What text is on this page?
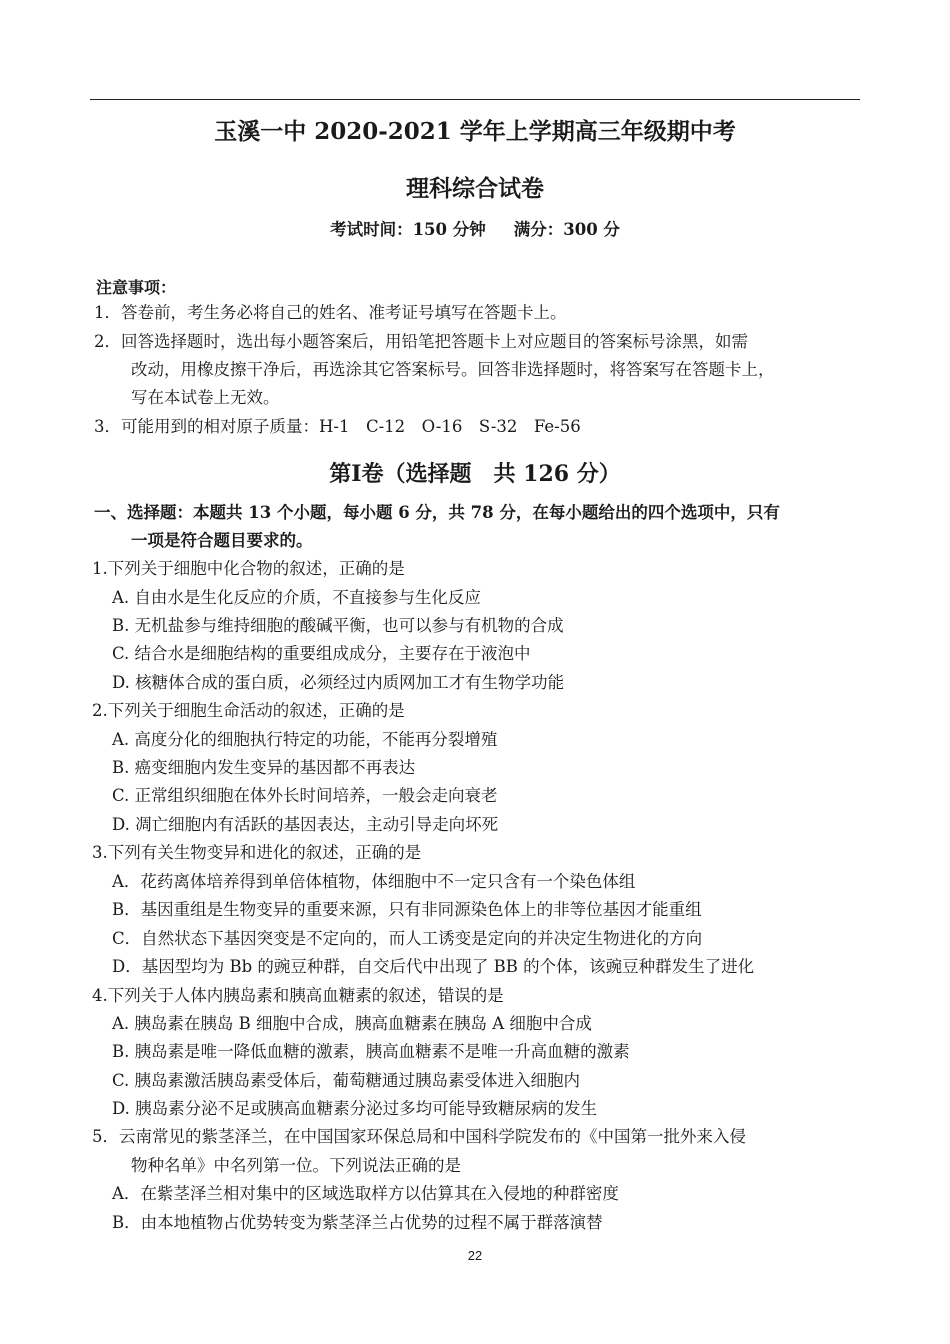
玉溪一中 2020-2021 学年上学期高三年级期中考
理科综合试卷
考试时间：150 分钟 满分：300 分
注意事项：
1．答卷前，考生务必将自己的姓名、准考证号填写在答题卡上。
2．回答选择题时，选出每小题答案后，用铅笔把答题卡上对应题目的答案标号涂黑，如需
改动，用橡皮擦干净后，再选涂其它答案标号。回答非选择题时，将答案写在答题卡上，
写在本试卷上无效。
3．可能用到的相对原子质量：H-1　C-12　O-16　S-32　Fe-56
第Ⅰ卷（选择题　共 126 分）
一、选择题：本题共 13 个小题，每小题 6 分，共 78 分，在每小题给出的四个选项中，只有
一项是符合题目要求的。
1.下列关于细胞中化合物的叙述，正确的是
A. 自由水是生化反应的介质，不直接参与生化反应
B. 无机盐参与维持细胞的酸碱平衡，也可以参与有机物的合成
C. 结合水是细胞结构的重要组成成分，主要存在于液泡中
D. 核糖体合成的蛋白质，必须经过内质网加工才有生物学功能
2.下列关于细胞生命活动的叙述，正确的是
A. 高度分化的细胞执行特定的功能，不能再分裂增殖
B. 癌变细胞内发生变异的基因都不再表达
C. 正常组织细胞在体外长时间培养，一般会走向衰老
D. 凋亡细胞内有活跃的基因表达，主动引导走向坏死
3.下列有关生物变异和进化的叙述，正确的是
A．花药离体培养得到单倍体植物，体细胞中不一定只含有一个染色体组
B．基因重组是生物变异的重要来源，只有非同源染色体上的非等位基因才能重组
C．自然状态下基因突变是不定向的，而人工诱变是定向的并决定生物进化的方向
D．基因型均为 Bb 的豌豆种群，自交后代中出现了 BB 的个体，该豌豆种群发生了进化
4.下列关于人体内胰岛素和胰高血糖素的叙述，错误的是
A. 胰岛素在胰岛 B 细胞中合成，胰高血糖素在胰岛 A 细胞中合成
B. 胰岛素是唯一降低血糖的激素，胰高血糖素不是唯一升高血糖的激素
C. 胰岛素激活胰岛素受体后，葡萄糖通过胰岛素受体进入细胞内
D. 胰岛素分泌不足或胰高血糖素分泌过多均可能导致糖尿病的发生
5．云南常见的紫茎泽兰，在中国国家环保总局和中国科学院发布的《中国第一批外来入侵
物种名单》中名列第一位。下列说法正确的是
A．在紫茎泽兰相对集中的区域选取样方以估算其在入侵地的种群密度
B．由本地植物占优势转变为紫茎泽兰占优势的过程不属于群落演替
22
